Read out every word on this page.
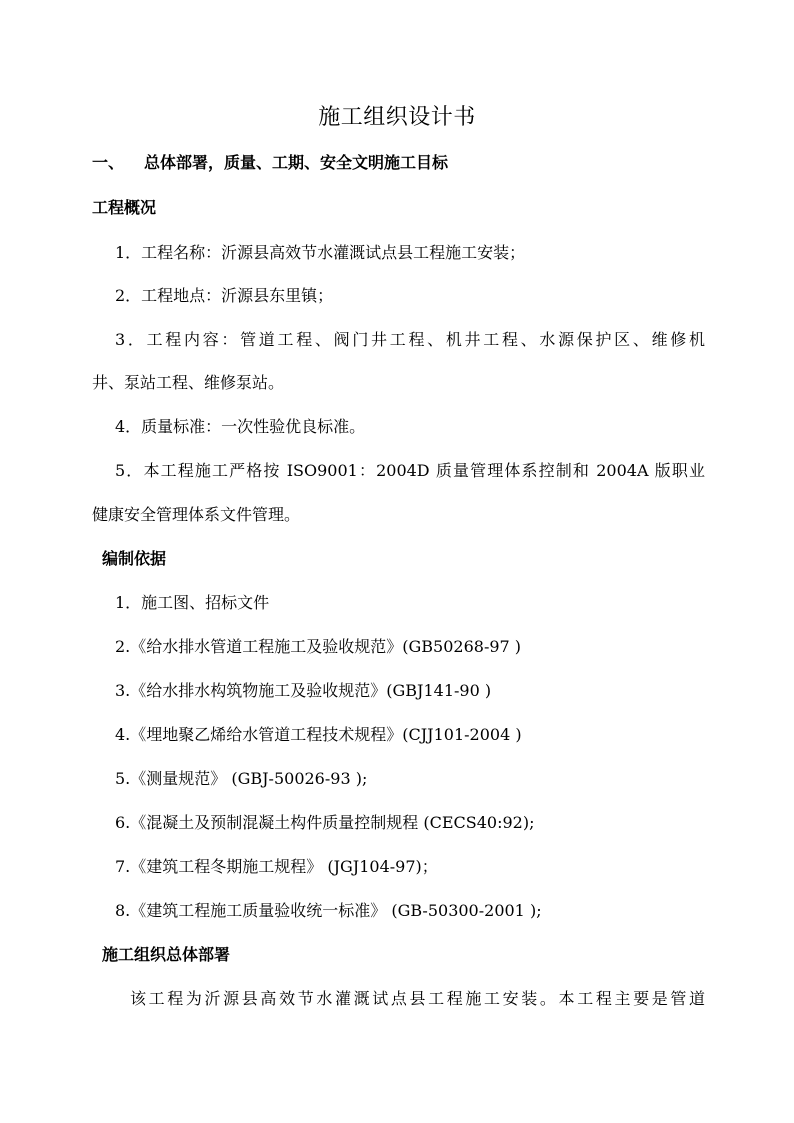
施工组织设计书
一、 总体部署，质量、工期、安全文明施工目标
工程概况
1．工程名称：沂源县高效节水灌溉试点县工程施工安装；
2．工程地点：沂源县东里镇；
3．工程内容：管道工程、阀门井工程、机井工程、水源保护区、维修机
井、泵站工程、维修泵站。
4．质量标准：一次性验优良标准。
5．本工程施工严格按 ISO9001：2004D 质量管理体系控制和 2004A 版职业
健康安全管理体系文件管理。
编制依据
1．施工图、招标文件
2.《给水排水管道工程施工及验收规范》(GB50268-97 )
3.《给水排水构筑物施工及验收规范》(GBJ141-90 )
4.《埋地聚乙烯给水管道工程技术规程》(CJJ101-2004 )
5.《测量规范》 (GBJ-50026-93 );
6.《混凝土及预制混凝土构件质量控制规程 (CECS40:92);
7.《建筑工程冬期施工规程》 (JGJ104-97)；
8.《建筑工程施工质量验收统一标准》 (GB-50300-2001 );
施工组织总体部署
该工程为沂源县高效节水灌溉试点县工程施工安装。本工程主要是管道
